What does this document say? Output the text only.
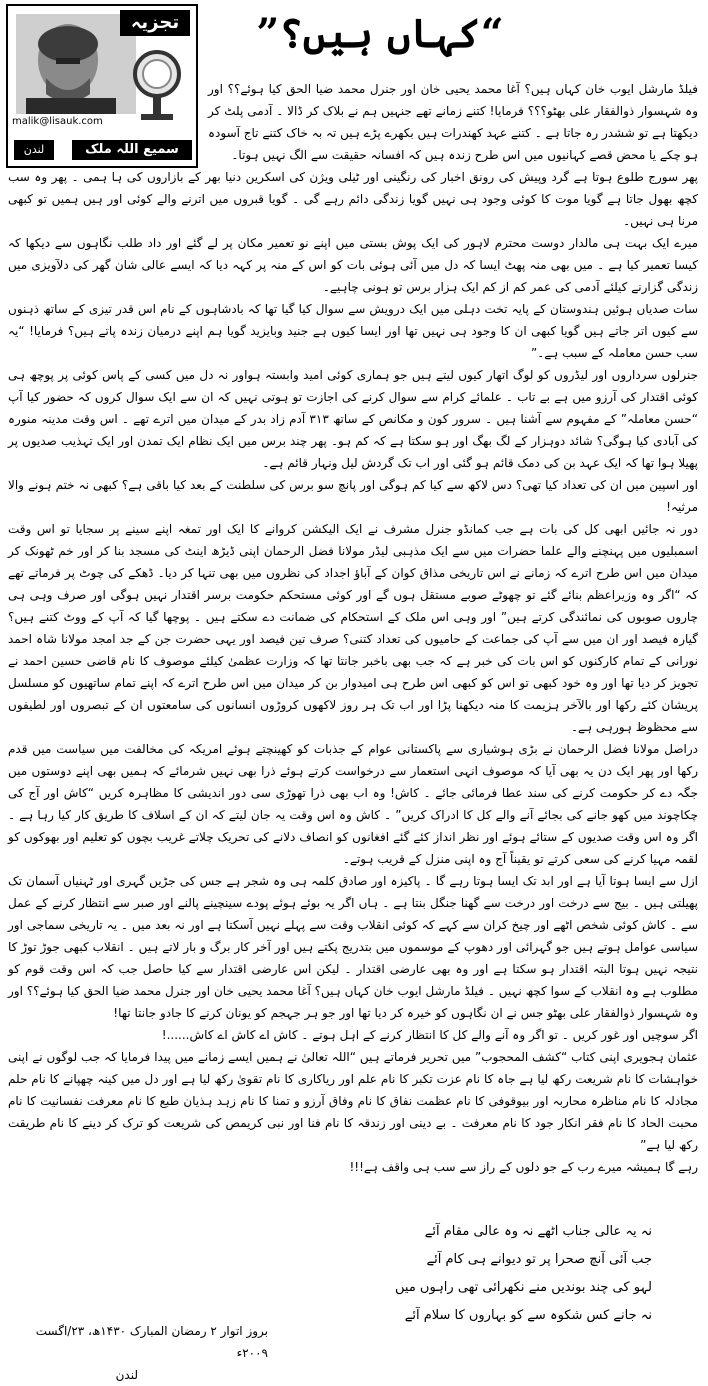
تجزیہ
malik@lisauk.com
سمیع اللہ ملک
لندن
“کہاں ہیں؟”

فیلڈ مارشل ایوب خان کہاں ہیں؟ آغا محمد یحیی خان اور جنرل محمد ضیا الحق کیا ہوئے؟؟ اور وہ شہسوار ذوالفقار علی بھٹو؟؟؟ فرمایا! کتنے زمانے تھے جنہیں ہم نے بلاک کر ڈالا ۔ آدمی پلٹ کر دیکھتا ہے تو ششدر رہ جاتا ہے ۔ کتنے عہد کھندرات ہیں بکھرے پڑے ہیں تہ بہ خاک کتنے تاج آسودہ ہو چکے یا محض قصے کہانیوں میں اس طرح زندہ ہیں کہ افسانہ حقیقت سے الگ نہیں ہوتا۔

پھر سورج طلوع ہوتا ہے گرد وپیش کی رونق اخبار کی رنگینی اور ٹیلی ویژن کی اسکرین دنیا بھر کے بازاروں کی ہا ہمی ۔ پھر وہ سب کچھ بھول جاتا ہے گویا موت کا کوئی وجود ہی نہیں گویا زندگی دائم رہے گی ۔ گویا قبروں میں اترنے والے کوئی اور ہیں ہمیں تو کبھی مرنا ہی نہیں۔

میرے ایک بہت ہی مالدار دوست محترم لاہور کی ایک پوش بستی میں اپنے نو تعمیر مکان پر لے گئے اور داد طلب نگاہوں سے دیکھا کہ کیسا تعمیر کیا ہے ۔ میں بھی منہ پھٹ ایسا کہ دل میں آئی ہوئی بات کو اس کے منہ پر کہہ دیا کہ ایسے عالی شان گھر کی دلآویزی میں زندگی گزارنے کیلئے آدمی کی عمر کم از کم ایک ہزار برس تو ہونی چاہیے۔

سات صدیاں ہوئیں ہندوستان کے پایہ تخت دہلی میں ایک درویش سے سوال کیا گیا تھا کہ بادشاہوں کے نام اس قدر تیزی کے ساتھ ذہنوں سے کیوں اتر جاتے ہیں گویا کبھی ان کا وجود ہی نہیں تھا اور ایسا کیوں ہے جنید وبایزید گویا ہم اپنے درمیان زندہ پاتے ہیں؟ فرمایا! “یہ سب حسن معاملہ کے سبب ہے۔”

جنرلوں سرداروں اور لیڈروں کو لوگ اتھار کیوں لیتے ہیں جو ہماری کوئی امید وابستہ ہواور نہ دل میں کسی کے پاس کوئی پر پوچھ ہی کوئی اقتدار کی آرزو میں ہے بے تاب ۔ علمائے کرام سے سوال کرنے کی اجازت تو ہوتی نہیں کہ ان سے ایک سوال کروں کہ حضور کیا آپ “حسن معاملہ” کے مفہوم سے آشنا ہیں ۔ سرور کون و مکانص کے ساتھ ۳۱۳ آدم زاد بدر کے میدان میں اترے تھے ۔ اس وقت مدینہ منورہ کی آبادی کیا ہوگی؟ شائد دوہزار کے لگ بھگ اور ہو سکتا ہے کہ کم ہو۔ پھر چند برس میں ایک نظام ایک تمدن اور ایک تہذیب صدیوں پر پھیلا ہوا تھا کہ ایک عہد بن کی دمک قائم ہو گئی اور اب تک گردش لیل ونہار قائم ہے۔

اور اسپین میں ان کی تعداد کیا تھی؟ دس لاکھ سے کیا کم ہوگی اور پانچ سو برس کی سلطنت کے بعد کیا باقی ہے؟ کبھی نہ ختم ہونے والا مرثیہ!

دور نہ جائیں ابھی کل کی بات ہے جب کمانڈو جنرل مشرف نے ایک الیکشن کروانے کا ایک اور تمغہ اپنے سینے پر سجایا تو اس وقت اسمبلیوں میں پہنچنے والے علما حضرات میں سے ایک مذہبی لیڈر مولانا فضل الرحمان اپنی ڈیڑھ اینٹ کی مسجد بنا کر اور خم ٹھونک کر میدان میں اس طرح اترے کہ زمانے نے اس تاریخی مذاق کوان کے آباؤ اجداد کی نظروں میں بھی تنہا کر دیا۔ ڈھکے کی چوٹ پر فرماتے تھے کہ “اگر وہ وزیراعظم بنائے گئے تو چھوٹے صوبے مستقل ہوں گے اور کوئی مستحکم حکومت برسر اقتدار نہیں ہوگی اور صرف وہی ہی چاروں صوبوں کی نمائندگی کرتے ہیں” اور وہی اس ملک کے استحکام کی ضمانت دے سکتے ہیں ۔ پوچھا گیا کہ آپ کے ووٹ کتنے ہیں؟ گیارہ فیصد اور ان میں سے آپ کی جماعت کے حامیوں کی تعداد کتنی؟ صرف تین فیصد اور یہی حضرت جن کے جد امجد مولانا شاہ احمد نورانی کے تمام کارکنوں کو اس بات کی خبر ہے کہ جب بھی باخبر جانتا تھا کہ وزارت عظمیٰ کیلئے موصوف کا نام قاضی حسین احمد نے تجویز کر دیا تھا اور وہ خود کبھی تو اس کو کبھی اس طرح ہی امیدوار بن کر میدان میں اس طرح اترے کہ اپنے تمام ساتھیوں کو مسلسل پریشان کئے رکھا اور بالآخر ہزیمت کا منہ دیکھنا پڑا اور اب تک ہر روز لاکھوں کروڑوں انسانوں کی سامعتوں ان کے تبصروں اور لطیفوں سے محظوظ ہورہی ہے۔

دراصل مولانا فضل الرحمان نے بڑی ہوشیاری سے پاکستانی عوام کے جذبات کو کھینچتے ہوئے امریکہ کی مخالفت میں سیاست میں قدم رکھا اور پھر ایک دن یہ بھی آیا کہ موصوف انہی استعمار سے درخواست کرتے ہوئے ذرا بھی نہیں شرمائے کہ ہمیں بھی اپنے دوستوں میں جگہ دے کر حکومت کرنے کی سند عطا فرمائی جائے ۔ کاش! وہ اب بھی ذرا تھوڑی سی دور اندیشی کا مظاہرہ کریں “کاش اور آج کی چکاچوند میں کھو جانے کی بجائے آنے والے کل کا ادراک کریں” ۔ کاش وہ اس وقت یہ جان لیتے کہ ان کے اسلاف کا طریق کار کیا رہا ہے ۔ اگر وہ اس وقت صدیوں کے ستائے ہوئے اور نظر انداز کئے گئے افغانوں کو انصاف دلانے کی تحریک چلاتے غریب بچوں کو تعلیم اور بھوکوں کو لقمہ مہیا کرنے کی سعی کرتے تو یقیناً آج وہ اپنی منزل کے قریب ہوتے۔

ازل سے ایسا ہوتا آیا ہے اور ابد تک ایسا ہوتا رہے گا ۔ پاکیزہ اور صادق کلمہ ہی وہ شجر ہے جس کی جڑیں گہری اور ٹہنیاں آسمان تک پھیلتی ہیں ۔ بیج سے درخت اور درخت سے گھنا جنگل بنتا ہے ۔ ہاں اگر یہ بوئے ہوئے پودے سینچینے پالنے اور صبر سے انتظار کرنے کے عمل سے ۔ کاش کوئی شخص اٹھے اور چیخ کران سے کہے کہ کوئی انقلاب وقت سے پہلے نہیں آسکتا ہے اور نہ بعد میں ۔ یہ تاریخی سماجی اور سیاسی عوامل ہوتے ہیں جو گہرائی اور دھوپ کے موسموں میں بتدریج پکتے ہیں اور آخر کار برگ و بار لاتے ہیں ۔ انقلاب کبھی جوڑ توڑ کا نتیجہ نہیں ہوتا البتہ اقتدار ہو سکتا ہے اور وہ بھی عارضی اقتدار ۔ لیکن اس عارضی اقتدار سے کیا حاصل جب کہ اس وقت قوم کو مطلوب ہے وہ انقلاب کے سوا کچھ نہیں ۔ فیلڈ مارشل ایوب خان کہاں ہیں؟ آغا محمد یحیی خان اور جنرل محمد ضیا الحق کیا ہوئے؟؟ اور وہ شہسوار ذوالفقار علی بھٹو جس نے ان نگاہوں کو خیرہ کر دیا تھا اور جو ہر جہجم کو یونان کرنے کا جادو جانتا تھا!

اگر سوچیں اور غور کریں ۔ تو اگر وہ آنے والے کل کا انتظار کرنے کے اہل ہوتے ۔ کاش اے کاش اے کاش......!

عثمان ہجویری اپنی کتاب “کشف المحجوب” میں تحریر فرماتے ہیں “اللہ تعالیٰ نے ہمیں ایسے زمانے میں پیدا فرمایا کہ جب لوگوں نے اپنی خواہشات کا نام شریعت رکھ لیا ہے جاہ کا نام عزت تکبر کا نام علم اور ریاکاری کا نام تقویٰ رکھ لیا ہے اور دل میں کینہ چھپانے کا نام حلم مجادلہ کا نام مناظرہ محاربہ اور بیوقوفی کا نام عظمت نفاق کا نام وفاق آرزو و تمنا کا نام زہد ہذیان طبع کا نام معرفت نفسانیت کا نام محبت الحاد کا نام فقر انکار جود کا نام معرفت ۔ بے دینی اور زندقہ کا نام فنا اور نبی کریمص کی شریعت کو ترک کر دینے کا نام طریقت رکھ لیا ہے”

رہے گا ہمیشہ میرے رب کے جو دلوں کے راز سے سب ہی واقف ہے!!!

نہ یہ عالی جناب اٹھے نہ وہ عالی مقام آئے
جب آئی آنچ صحرا پر تو دیوانے ہی کام آئے
لہو کی چند بوندیں منے نکھرائی تھی راہوں میں
نہ جانے کس شکوہ سے کو بہاروں کا سلام آئے
بروز اتوار ۲ رمضان المبارک ۱۴۳۰ھ، ۲۳/اگست ۲۰۰۹ء
لندن
